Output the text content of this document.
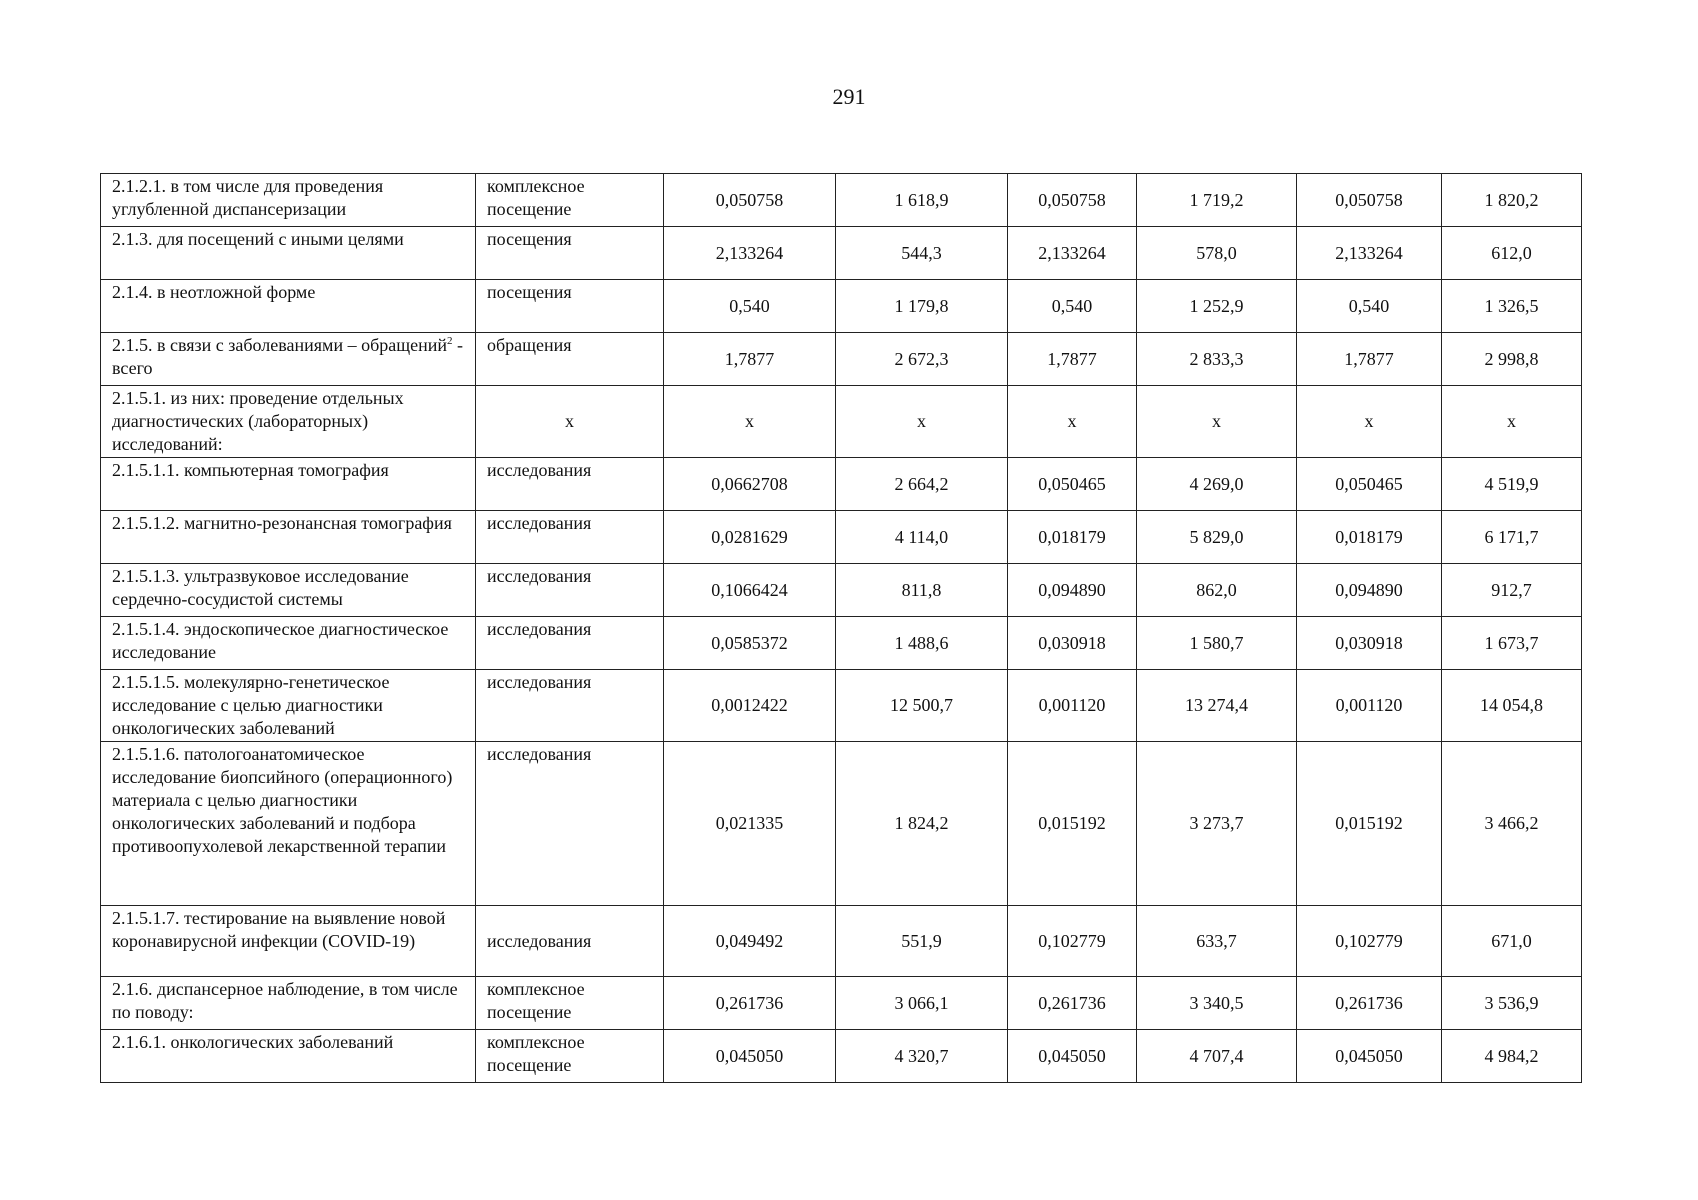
291
2.1.2.1. в том числе для проведения углубленной диспансеризации	комплексное посещение	0,050758	1 618,9	0,050758	1 719,2	0,050758	1 820,2
2.1.3. для посещений с иными целями	посещения	2,133264	544,3	2,133264	578,0	2,133264	612,0
2.1.4. в неотложной форме	посещения	0,540	1 179,8	0,540	1 252,9	0,540	1 326,5
2.1.5. в связи с заболеваниями – обращений$^2$ - всего	обращения	1,7877	2 672,3	1,7877	2 833,3	1,7877	2 998,8
2.1.5.1. из них: проведение отдельных диагностических (лабораторных) исследований:	х	х	х	х	х	х	х
2.1.5.1.1. компьютерная томография	исследования	0,0662708	2 664,2	0,050465	4 269,0	0,050465	4 519,9
2.1.5.1.2. магнитно-резонансная томография	исследования	0,0281629	4 114,0	0,018179	5 829,0	0,018179	6 171,7
2.1.5.1.3. ультразвуковое исследование сердечно-сосудистой системы	исследования	0,1066424	811,8	0,094890	862,0	0,094890	912,7
2.1.5.1.4. эндоскопическое диагностическое исследование	исследования	0,0585372	1 488,6	0,030918	1 580,7	0,030918	1 673,7
2.1.5.1.5. молекулярно-генетическое исследование с целью диагностики онкологических заболеваний	исследования	0,0012422	12 500,7	0,001120	13 274,4	0,001120	14 054,8
2.1.5.1.6. патологоанатомическое исследование биопсийного (операционного) материала с целью диагностики онкологических заболеваний и подбора противоопухолевой лекарственной терапии	исследования	0,021335	1 824,2	0,015192	3 273,7	0,015192	3 466,2
2.1.5.1.7. тестирование на выявление новой коронавирусной инфекции (COVID-19)	исследования	0,049492	551,9	0,102779	633,7	0,102779	671,0
2.1.6. диспансерное наблюдение, в том числе по поводу:	комплексное посещение	0,261736	3 066,1	0,261736	3 340,5	0,261736	3 536,9
2.1.6.1. онкологических заболеваний	комплексное посещение	0,045050	4 320,7	0,045050	4 707,4	0,045050	4 984,2
